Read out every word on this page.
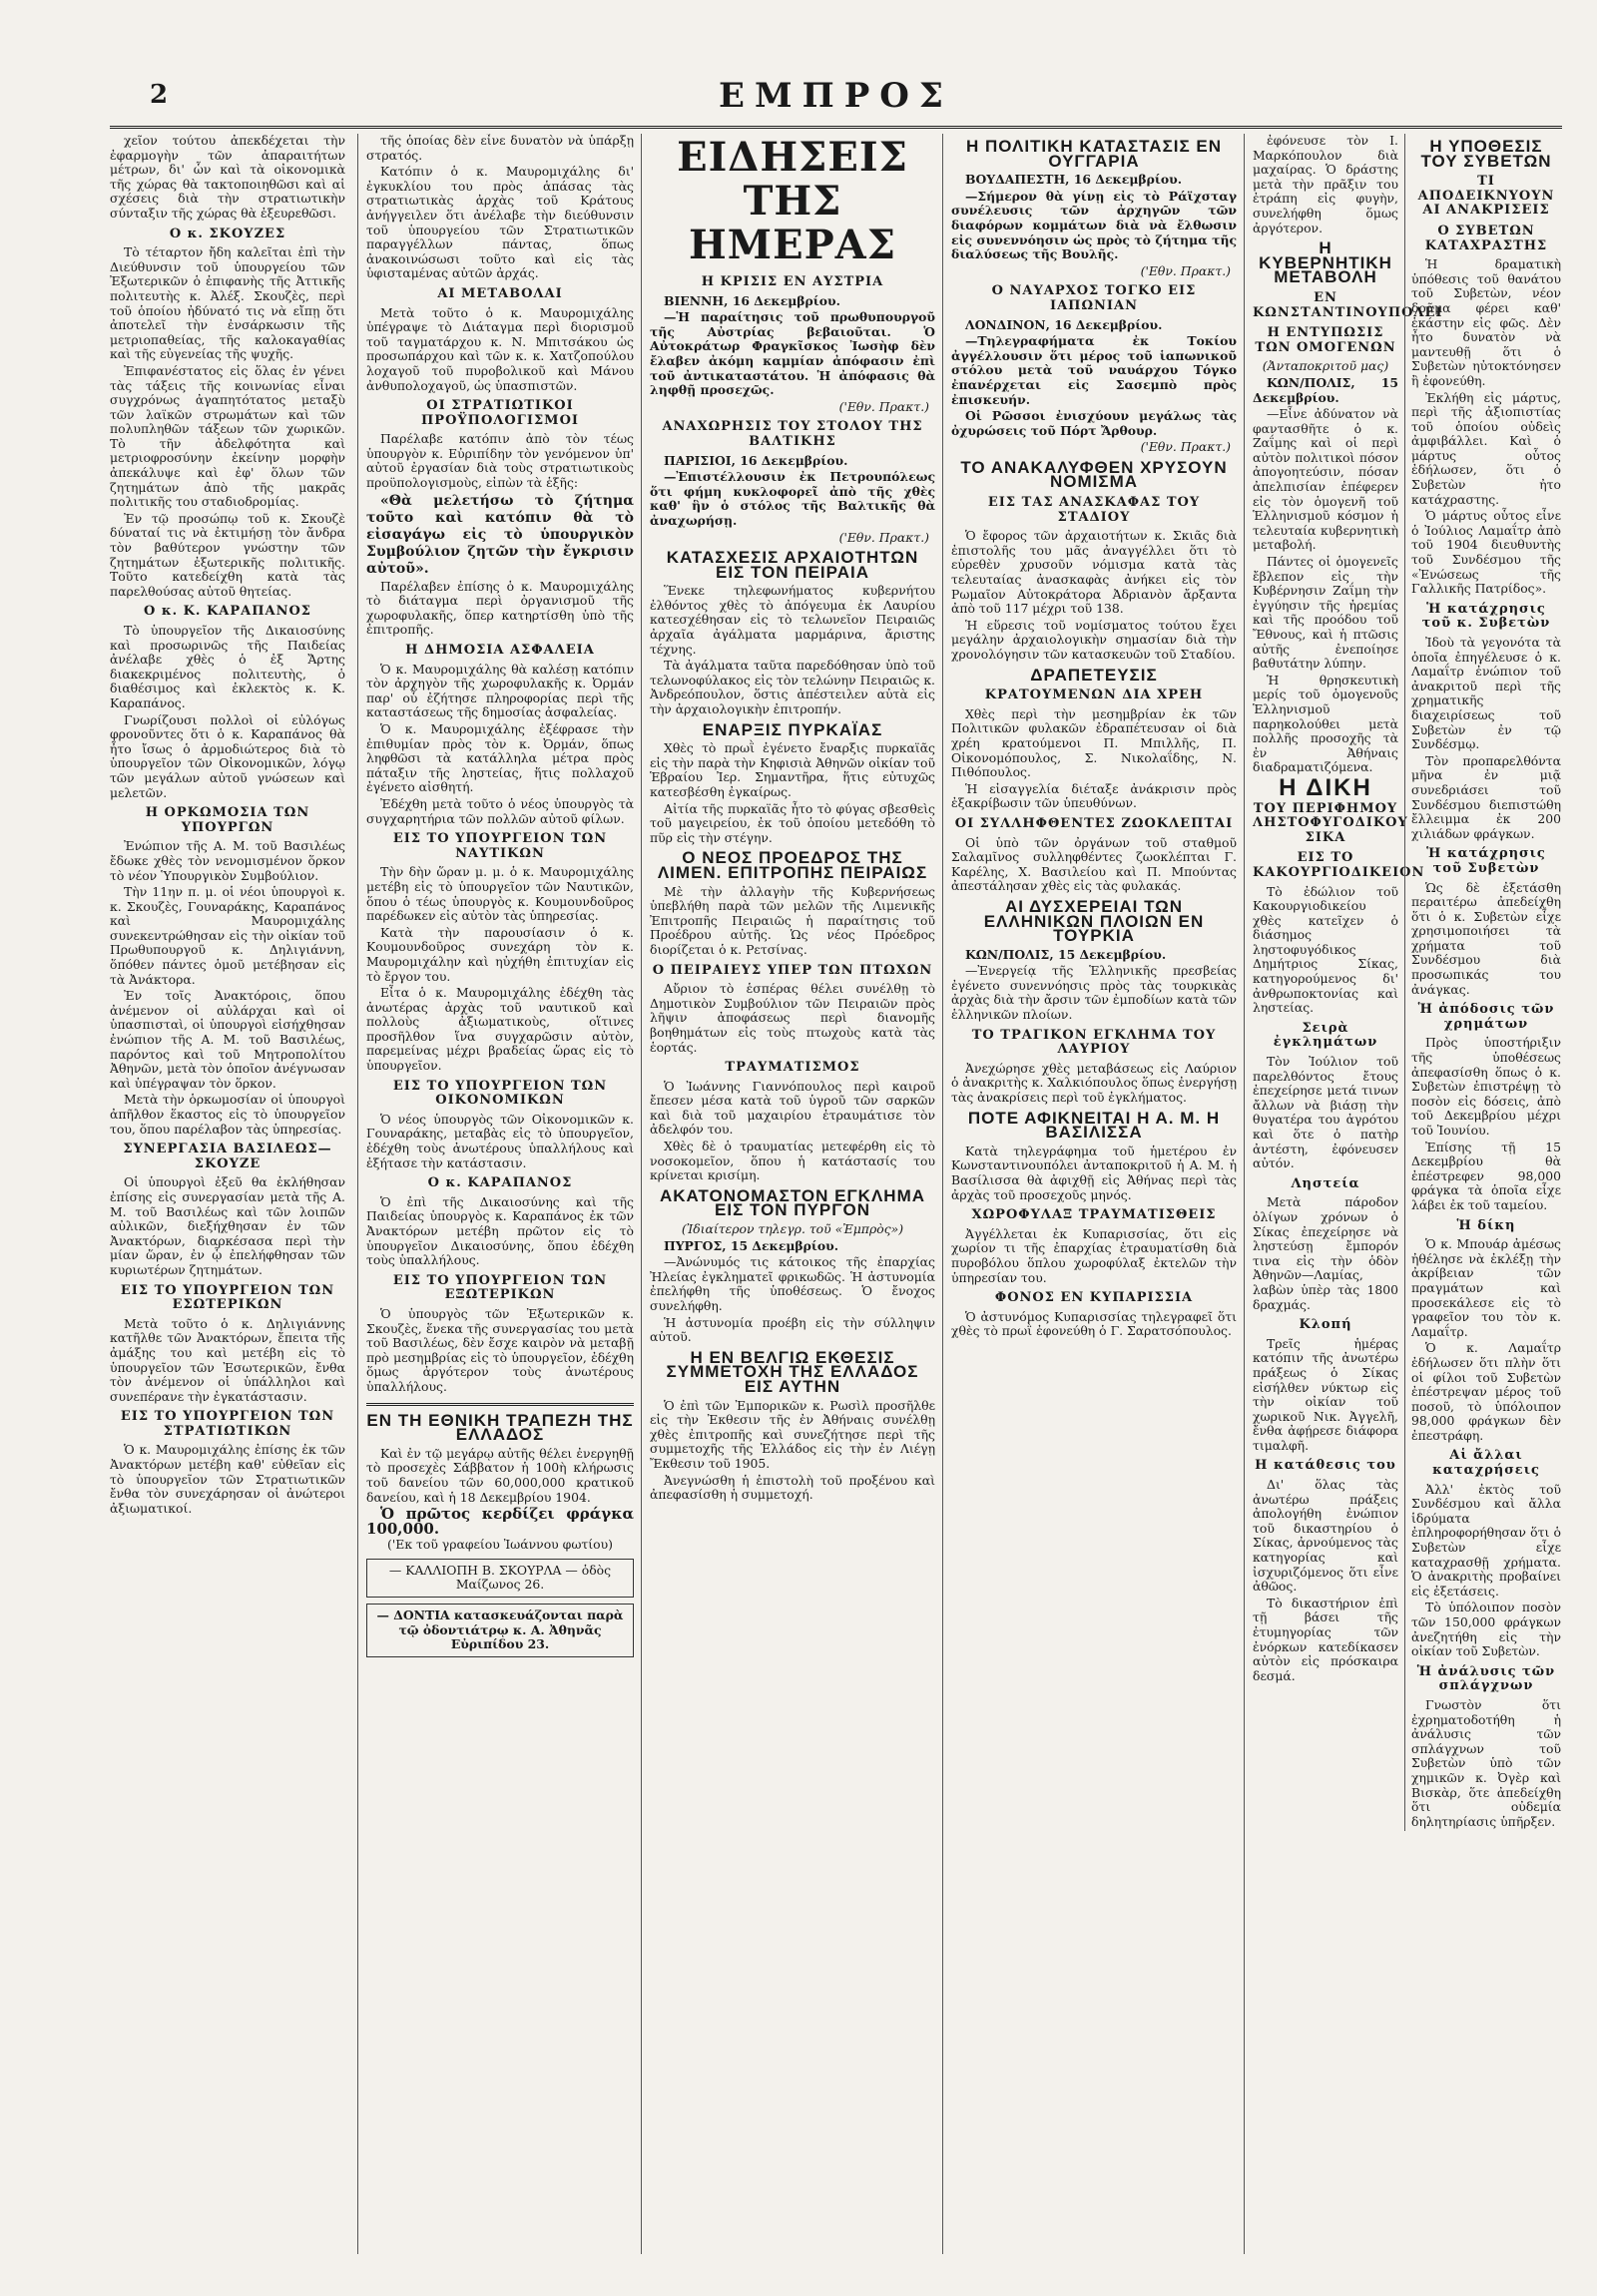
2	ΕΜΠΡΟΣ

χεῖον τούτου ἀπεκδέχεται τὴν ἐφαρμογὴν τῶν ἀπαραιτήτων μέτρων, δι' ὧν καὶ τὰ οἰκονομικὰ τῆς χώρας θὰ τακτοποιηθῶσι καὶ αἱ σχέσεις διὰ τὴν στρατιωτικὴν σύνταξιν τῆς χώρας θὰ ἐξευρεθῶσι.

Ο κ. ΣΚΟΥΖΕΣ

Τὸ τέταρτον ἤδη καλεῖται ἐπὶ τὴν Διεύθυνσιν τοῦ ὑπουργείου τῶν Ἐξωτερικῶν ὁ ἐπιφανὴς τῆς Ἀττικῆς πολιτευτὴς κ. Ἀλέξ. Σκουζὲς, περὶ τοῦ ὁποίου ἠδύνατό τις νὰ εἴπῃ ὅτι ἀποτελεῖ τὴν ἐνσάρκωσιν τῆς μετριοπαθείας, τῆς καλοκαγαθίας καὶ τῆς εὐγενείας τῆς ψυχῆς.

Ἐπιφανέστατος εἰς ὅλας ἐν γένει τὰς τάξεις τῆς κοινωνίας εἶναι συγχρόνως ἀγαπητότατος μεταξὺ τῶν λαϊκῶν στρωμάτων καὶ τῶν πολυπληθῶν τάξεων τῶν χωρικῶν. Τὸ τῆν ἀδελφότητα καὶ μετριοφροσύνην ἐκείνην μορφὴν ἀπεκάλυψε καὶ ἐφ' ὅλων τῶν ζητημάτων ἀπὸ τῆς μακρᾶς πολιτικῆς του σταδιοδρομίας.

Ἐν τῷ προσώπῳ τοῦ κ. Σκουζὲ δύναταί τις νὰ ἐκτιμήσῃ τὸν ἄνδρα τὸν βαθύτερον γνώστην τῶν ζητημάτων ἐξωτερικῆς πολιτικῆς. Τοῦτο κατεδείχθη κατὰ τὰς παρελθούσας αὐτοῦ θητείας.

Ο κ. Κ. ΚΑΡΑΠΑΝΟΣ

Τὸ ὑπουργεῖον τῆς Δικαιοσύνης καὶ προσωρινῶς τῆς Παιδείας ἀνέλαβε χθὲς ὁ ἐξ Ἄρτης διακεκριμένος πολιτευτὴς, ὁ διαθέσιμος καὶ ἐκλεκτὸς κ. Κ. Καραπάνος.

Γνωρίζουσι πολλοὶ οἱ εὐλόγως φρονοῦντες ὅτι ὁ κ. Καραπάνος θὰ ἦτο ἴσως ὁ ἀρμοδιώτερος διὰ τὸ ὑπουργεῖον τῶν Οἰκονομικῶν, λόγῳ τῶν μεγάλων αὐτοῦ γνώσεων καὶ μελετῶν.

Η ΟΡΚΩΜΟΣΙΑ ΤΩΝ ΥΠΟΥΡΓΩΝ

Ἐνώπιον τῆς Α. Μ. τοῦ Βασιλέως ἔδωκε χθὲς τὸν νενομισμένον ὅρκον τὸ νέον Ὑπουργικὸν Συμβούλιον.

Τὴν 11ην π. μ. οἱ νέοι ὑπουργοὶ κ. κ. Σκουζὲς, Γουναράκης, Καραπάνος καὶ Μαυρομιχάλης συνεκεντρώθησαν εἰς τὴν οἰκίαν τοῦ Πρωθυπουργοῦ κ. Δηλιγιάννη, ὅπόθεν πάντες ὁμοῦ μετέβησαν εἰς τὰ Ἀνάκτορα.

Ἐν τοῖς Ἀνακτόροις, ὅπου ἀνέμενον οἱ αὐλάρχαι καὶ οἱ ὑπασπισταὶ, οἱ ὑπουργοὶ εἰσήχθησαν ἐνώπιον τῆς Α. Μ. τοῦ Βασιλέως, παρόντος καὶ τοῦ Μητροπολίτου Ἀθηνῶν, μετὰ τὸν ὁποῖον ἀνέγνωσαν καὶ ὑπέγραψαν τὸν ὅρκον.

Μετὰ τὴν ὁρκωμοσίαν οἱ ὑπουργοὶ ἀπῆλθον ἕκαστος εἰς τὸ ὑπουργεῖον του, ὅπου παρέλαβον τὰς ὑπηρεσίας.

ΣΥΝΕΡΓΑΣΙΑ ΒΑΣΙΛΕΩΣ—ΣΚΟΥΖΕ

Οἱ ὑπουργοὶ ἐξεῦ θα ἐκλήθησαν ἐπίσης εἰς συνεργασίαν μετὰ τῆς Α. Μ. τοῦ Βασιλέως καὶ τῶν λοιπῶν αὐλικῶν, διεξήχθησαν ἐν τῶν Ἀνακτόρων, διαρκέσασα περὶ τὴν μίαν ὥραν, ἐν ᾧ ἐπελήφθησαν τῶν κυριωτέρων ζητημάτων.

ΕΙΣ ΤΟ ΥΠΟΥΡΓΕΙΟΝ ΤΩΝ ΕΣΩΤΕΡΙΚΩΝ

Μετὰ τοῦτο ὁ κ. Δηλιγιάννης κατῆλθε τῶν Ἀνακτόρων, ἔπειτα τῆς ἀμάξης του καὶ μετέβη εἰς τὸ ὑπουργεῖον τῶν Ἐσωτερικῶν, ἔνθα τὸν ἀνέμενον οἱ ὑπάλληλοι καὶ συνεπέρανε τὴν ἐγκατάστασιν.

ΕΙΣ ΤΟ ΥΠΟΥΡΓΕΙΟΝ ΤΩΝ ΣΤΡΑΤΙΩΤΙΚΩΝ

Ὁ κ. Μαυρομιχάλης ἐπίσης ἐκ τῶν Ἀνακτόρων μετέβη καθ' εὐθεῖαν εἰς τὸ ὑπουργεῖον τῶν Στρατιωτικῶν ἔνθα τὸν συνεχάρησαν οἱ ἀνώτεροι ἀξιωματικοί.

τῆς ὁποίας δὲν εἶνε δυνατὸν νὰ ὑπάρξῃ στρατός.

Κατόπιν ὁ κ. Μαυρομιχάλης δι' ἐγκυκλίου του πρὸς ἁπάσας τὰς στρατιωτικὰς ἀρχὰς τοῦ Κράτους ἀνήγγειλεν ὅτι ἀνέλαβε τὴν διεύθυνσιν τοῦ ὑπουργείου τῶν Στρατιωτικῶν παραγγέλλων πάντας, ὅπως ἀνακοινώσωσι τοῦτο καὶ εἰς τὰς ὑφισταμένας αὐτῶν ἀρχάς.

ΑΙ ΜΕΤΑΒΟΛΑΙ

Μετὰ τοῦτο ὁ κ. Μαυρομιχάλης ὑπέγραψε τὸ Διάταγμα περὶ διορισμοῦ τοῦ ταγματάρχου κ. Ν. Μπιτσάκου ὡς προσωπάρχου καὶ τῶν κ. κ. Χατζοπούλου λοχαγοῦ τοῦ πυροβολικοῦ καὶ Μάνου ἀνθυπολοχαγοῦ, ὡς ὑπασπιστῶν.

ΟΙ ΣΤΡΑΤΙΩΤΙΚΟΙ ΠΡΟΫΠΟΛΟΓΙΣΜΟΙ

Παρέλαβε κατόπιν ἀπὸ τὸν τέως ὑπουργὸν κ. Εὐριπίδην τὸν γενόμενον ὑπ' αὐτοῦ ἐργασίαν διὰ τοὺς στρατιωτικοὺς προϋπολογισμοὺς, εἰπὼν τὰ ἑξῆς:

«Θὰ μελετήσω τὸ ζήτημα τοῦτο καὶ κατόπιν θὰ τὸ εἰσαγάγω εἰς τὸ ὑπουργικὸν Συμβούλιον ζητῶν τὴν ἔγκρισιν αὐτοῦ».

Παρέλαβεν ἐπίσης ὁ κ. Μαυρομιχάλης τὸ διάταγμα περὶ ὀργανισμοῦ τῆς χωροφυλακῆς, ὅπερ κατηρτίσθη ὑπὸ τῆς ἐπιτροπῆς.

Η ΔΗΜΟΣΙΑ ΑΣΦΑΛΕΙΑ

Ὁ κ. Μαυρομιχάλης θὰ καλέσῃ κατόπιν τὸν ἀρχηγὸν τῆς χωροφυλακῆς κ. Ὀρμάν παρ' οὗ ἐζήτησε πληροφορίας περὶ τῆς καταστάσεως τῆς δημοσίας ἀσφαλείας.

Ὁ κ. Μαυρομιχάλης ἐξέφρασε τὴν ἐπιθυμίαν πρὸς τὸν κ. Ὀρμάν, ὅπως ληφθῶσι τὰ κατάλληλα μέτρα πρὸς πάταξιν τῆς ληστείας, ἥτις πολλαχοῦ ἐγένετο αἰσθητή.

Ἐδέχθη μετὰ τοῦτο ὁ νέος ὑπουργὸς τὰ συγχαρητήρια τῶν πολλῶν αὐτοῦ φίλων.

ΕΙΣ ΤΟ ΥΠΟΥΡΓΕΙΟΝ ΤΩΝ ΝΑΥΤΙΚΩΝ

Τὴν δὴν ὥραν μ. μ. ὁ κ. Μαυρομιχάλης μετέβη εἰς τὸ ὑπουργεῖον τῶν Ναυτικῶν, ὅπου ὁ τέως ὑπουργὸς κ. Κουμουνδοῦρος παρέδωκεν εἰς αὐτὸν τὰς ὑπηρεσίας.

Κατὰ τὴν παρουσίασιν ὁ κ. Κουμουνδοῦρος συνεχάρη τὸν κ. Μαυρομιχάλην καὶ ηὐχήθη ἐπιτυχίαν εἰς τὸ ἔργον του.

Εἶτα ὁ κ. Μαυρομιχάλης ἐδέχθη τὰς ἀνωτέρας ἀρχὰς τοῦ ναυτικοῦ καὶ πολλοὺς ἀξιωματικοὺς, οἵτινες προσῆλθον ἵνα συγχαρῶσιν αὐτὸν, παρεμείνας μέχρι βραδείας ὥρας εἰς τὸ ὑπουργεῖον.

ΕΙΣ ΤΟ ΥΠΟΥΡΓΕΙΟΝ ΤΩΝ ΟΙΚΟΝΟΜΙΚΩΝ

Ὁ νέος ὑπουργὸς τῶν Οἰκονομικῶν κ. Γουναράκης, μεταβὰς εἰς τὸ ὑπουργεῖον, ἐδέχθη τοὺς ἀνωτέρους ὑπαλλήλους καὶ ἐξήτασε τὴν κατάστασιν.

Ο κ. ΚΑΡΑΠΑΝΟΣ

Ὁ ἐπὶ τῆς Δικαιοσύνης καὶ τῆς Παιδείας ὑπουργὸς κ. Καραπάνος ἐκ τῶν Ἀνακτόρων μετέβη πρῶτον εἰς τὸ ὑπουργεῖον Δικαιοσύνης, ὅπου ἐδέχθη τοὺς ὑπαλλήλους.

ΕΙΣ ΤΟ ΥΠΟΥΡΓΕΙΟΝ ΤΩΝ ΕΞΩΤΕΡΙΚΩΝ

Ὁ ὑπουργὸς τῶν Ἐξωτερικῶν κ. Σκουζὲς, ἕνεκα τῆς συνεργασίας του μετὰ τοῦ Βασιλέως, δὲν ἔσχε καιρὸν νὰ μεταβῇ πρὸ μεσημβρίας εἰς τὸ ὑπουργεῖον, ἐδέχθη ὅμως ἀργότερον τοὺς ἀνωτέρους ὑπαλλήλους.

ΕΝ ΤΗ ΕΘΝΙΚΗ ΤΡΑΠΕΖΗ ΤΗΣ ΕΛΛΑΔΟΣ

Καὶ ἐν τῷ μεγάρῳ αὐτῆς θέλει ἐνεργηθῇ τὸ προσεχὲς Σάββατον ἡ 100ὴ κλήρωσις τοῦ δανείου τῶν 60,000,000 κρατικοῦ δανείου, καὶ ἡ 18 Δεκεμβρίου 1904.

Ὁ πρῶτος κερδίζει φράγκα 100,000.

('Εκ τοῦ γραφείου Ἰωάννου φωτίου)

— ΚΑΛΛΙΟΠΗ Β. ΣΚΟΥΡΛΑ — ὁδὸς Μαίζωνος 26.
— ΔΟΝΤΙΑ κατασκευάζονται παρὰ τῷ ὀδοντιάτρῳ κ. Α. Ἀθηνᾶς Εὐριπίδου 23.
ΕΙΔΗΣΕΙΣ ΤΗΣ ΗΜΕΡΑΣ
Η ΚΡΙΣΙΣ ΕΝ ΑΥΣΤΡΙΑ

ΒΙΕΝΝΗ, 16 Δεκεμβρίου.

—Ἡ παραίτησις τοῦ πρωθυπουργοῦ τῆς Αὐστρίας βεβαιοῦται. Ὁ Αὐτοκράτωρ Φραγκῖσκος Ἰωσὴφ δὲν ἔλαβεν ἀκόμη καμμίαν ἀπόφασιν ἐπὶ τοῦ ἀντικαταστάτου. Ἡ ἀπόφασις θὰ ληφθῇ προσεχῶς.

('Εθν. Πρακτ.)

ΑΝΑΧΩΡΗΣΙΣ ΤΟΥ ΣΤΟΛΟΥ ΤΗΣ ΒΑΛΤΙΚΗΣ

ΠΑΡΙΣΙΟΙ, 16 Δεκεμβρίου.

—Ἐπιστέλλουσιν ἐκ Πετρουπόλεως ὅτι φήμη κυκλοφορεῖ ἀπὸ τῆς χθὲς καθ' ἣν ὁ στόλος τῆς Βαλτικῆς θὰ ἀναχωρήσῃ.

('Εθν. Πρακτ.)

ΚΑΤΑΣΧΕΣΙΣ ΑΡΧΑΙΟΤΗΤΩΝ ΕΙΣ ΤΟΝ ΠΕΙΡΑΙΑ

Ἕνεκε τηλεφωνήματος κυβερνήτου ἐλθόντος χθὲς τὸ ἀπόγευμα ἐκ Λαυρίου κατεσχέθησαν εἰς τὸ τελωνεῖον Πειραιῶς ἀρχαῖα ἀγάλματα μαρμάρινα, ἄριστης τέχνης.

Τὰ ἀγάλματα ταῦτα παρεδόθησαν ὑπὸ τοῦ τελωνοφύλακος εἰς τὸν τελώνην Πειραιῶς κ. Ἀνδρεόπουλον, ὅστις ἀπέστειλεν αὐτὰ εἰς τὴν ἀρχαιολογικὴν ἐπιτροπήν.

ΕΝΑΡΞΙΣ ΠΥΡΚΑΪΑΣ

Χθὲς τὸ πρωῒ ἐγένετο ἔναρξις πυρκαϊᾶς εἰς τὴν παρὰ τὴν Κηφισιὰ Ἀθηνῶν οἰκίαν τοῦ Ἑβραίου Ἰερ. Σημαντῆρα, ἥτις εὐτυχῶς κατεσβέσθη ἐγκαίρως.

Αἰτία τῆς πυρκαϊᾶς ἦτο τὸ φύγας σβεσθεὶς τοῦ μαγειρείου, ἐκ τοῦ ὁποίου μετεδόθη τὸ πῦρ εἰς τὴν στέγην.

Ο ΝΕΟΣ ΠΡΟΕΔΡΟΣ ΤΗΣ ΛΙΜΕΝ. ΕΠΙΤΡΟΠΗΣ ΠΕΙΡΑΙΩΣ

Μὲ τὴν ἀλλαγὴν τῆς Κυβερνήσεως ὑπεβλήθη παρὰ τῶν μελῶν τῆς Λιμενικῆς Ἐπιτροπῆς Πειραιῶς ἡ παραίτησις τοῦ Προέδρου αὐτῆς. Ὡς νέος Πρόεδρος διορίζεται ὁ κ. Ρετσίνας.

Ο ΠΕΙΡΑΙΕΥΣ ΥΠΕΡ ΤΩΝ ΠΤΩΧΩΝ

Αὔριον τὸ ἑσπέρας θέλει συνέλθῃ τὸ Δημοτικὸν Συμβούλιον τῶν Πειραιῶν πρὸς λῆψιν ἀποφάσεως περὶ διανομῆς βοηθημάτων εἰς τοὺς πτωχοὺς κατὰ τὰς ἑορτάς.

ΤΡΑΥΜΑΤΙΣΜΟΣ

Ὁ Ἰωάννης Γιαννόπουλος περὶ καιροῦ ἔπεσεν μέσα κατὰ τοῦ ὑγροῦ τῶν σαρκῶν καὶ διὰ τοῦ μαχαιρίου ἐτραυμάτισε τὸν ἀδελφόν του.

Χθὲς δὲ ὁ τραυματίας μετεφέρθη εἰς τὸ νοσοκομεῖον, ὅπου ἡ κατάστασίς του κρίνεται κρισίμη.

ΑΚΑΤΟΝΟΜΑΣΤΟΝ ΕΓΚΛΗΜΑ ΕΙΣ ΤΟΝ ΠΥΡΓΟΝ

(Ἰδιαίτερον τηλεγρ. τοῦ «Ἐμπρὸς»)

ΠΥΡΓΟΣ, 15 Δεκεμβρίου.

—Ἀνώνυμός τις κάτοικος τῆς ἐπαρχίας Ἠλείας ἐγκληματεῖ φρικωδῶς. Ἡ ἀστυνομία ἐπελήφθη τῆς ὑποθέσεως. Ὁ ἔνοχος συνελήφθη.

Ἡ ἀστυνομία προέβη εἰς τὴν σύλληψιν αὐτοῦ.

Η ΕΝ ΒΕΛΓΙΩ ΕΚΘΕΣΙΣ ΣΥΜΜΕΤΟΧΗ ΤΗΣ ΕΛΛΑΔΟΣ ΕΙΣ ΑΥΤΗΝ

Ὁ ἐπὶ τῶν Ἐμπορικῶν κ. Ρωσὶλ προσῆλθε εἰς τὴν Ἐκθεσιν τῆς ἐν Ἀθήναις συνέλθῃ χθὲς ἐπιτροπῆς καὶ συνεζήτησε περὶ τῆς συμμετοχῆς τῆς Ἑλλάδος εἰς τὴν ἐν Λιέγῃ Ἔκθεσιν τοῦ 1905.

Ἀνεγνώσθη ἡ ἐπιστολὴ τοῦ προξένου καὶ ἀπεφασίσθη ἡ συμμετοχή.

Η ΠΟΛΙΤΙΚΗ ΚΑΤΑΣΤΑΣΙΣ ΕΝ ΟΥΓΓΑΡΙΑ

ΒΟΥΔΑΠΕΣΤΗ, 16 Δεκεμβρίου.

—Σήμερον θὰ γίνῃ εἰς τὸ Ράϊχσταγ συνέλευσις τῶν ἀρχηγῶν τῶν διαφόρων κομμάτων διὰ νὰ ἔλθωσιν εἰς συνεννόησιν ὡς πρὸς τὸ ζήτημα τῆς διαλύσεως τῆς Βουλῆς.

('Εθν. Πρακτ.)

Ο ΝΑΥΑΡΧΟΣ ΤΟΓΚΟ ΕΙΣ ΙΑΠΩΝΙΑΝ

ΛΟΝΔΙΝΟΝ, 16 Δεκεμβρίου.

—Τηλεγραφήματα ἐκ Τοκίου ἀγγέλλουσιν ὅτι μέρος τοῦ ἱαπωνικοῦ στόλου μετὰ τοῦ ναυάρχου Τόγκο ἐπανέρχεται εἰς Σασεμπὸ πρὸς ἐπισκευήν.

Οἱ Ρῶσσοι ἐνισχύουν μεγάλως τὰς ὀχυρώσεις τοῦ Πόρτ Ἄρθουρ.

('Εθν. Πρακτ.)

ΤΟ ΑΝΑΚΑΛΥΦΘΕΝ ΧΡΥΣΟΥΝ ΝΟΜΙΣΜΑ
ΕΙΣ ΤΑΣ ΑΝΑΣΚΑΦΑΣ ΤΟΥ ΣΤΑΔΙΟΥ

Ὁ ἔφορος τῶν ἀρχαιοτήτων κ. Σκιᾶς διὰ ἐπιστολῆς του μᾶς ἀναγγέλλει ὅτι τὸ εὑρεθὲν χρυσοῦν νόμισμα κατὰ τὰς τελευταίας ἀνασκαφὰς ἀνήκει εἰς τὸν Ρωμαῖον Αὐτοκράτορα Ἀδριανὸν ἄρξαντα ἀπὸ τοῦ 117 μέχρι τοῦ 138.

Ἡ εὕρεσις τοῦ νομίσματος τούτου ἔχει μεγάλην ἀρχαιολογικὴν σημασίαν διὰ τὴν χρονολόγησιν τῶν κατασκευῶν τοῦ Σταδίου.

ΔΡΑΠΕΤΕΥΣΙΣ
ΚΡΑΤΟΥΜΕΝΩΝ ΔΙΑ ΧΡΕΗ

Χθὲς περὶ τὴν μεσημβρίαν ἐκ τῶν Πολιτικῶν φυλακῶν ἐδραπέτευσαν οἱ διὰ χρέη κρατούμενοι Π. Μπιλλῆς, Π. Οἰκονομόπουλος, Σ. Νικολαΐδης, Ν. Πιθόπουλος.

Ἡ εἰσαγγελία διέταξε ἀνάκρισιν πρὸς ἐξακρίβωσιν τῶν ὑπευθύνων.

ΟΙ ΣΥΛΛΗΦΘΕΝΤΕΣ ΖΩΟΚΛΕΠΤΑΙ

Οἱ ὑπὸ τῶν ὀργάνων τοῦ σταθμοῦ Σαλαμῖνος συλληφθέντες ζωοκλέπται Γ. Καρέλης, Χ. Βασιλείου καὶ Π. Μπούντας ἀπεστάλησαν χθὲς εἰς τὰς φυλακάς.

ΑΙ ΔΥΣΧΕΡΕΙΑΙ ΤΩΝ ΕΛΛΗΝΙΚΩΝ ΠΛΟΙΩΝ ΕΝ ΤΟΥΡΚΙΑ

ΚΩΝ/ΠΟΛΙΣ, 15 Δεκεμβρίου.

—Ἐνεργείᾳ τῆς Ἑλληνικῆς πρεσβείας ἐγένετο συνεννόησις πρὸς τὰς τουρκικὰς ἀρχὰς διὰ τὴν ἄρσιν τῶν ἐμποδίων κατὰ τῶν ἑλληνικῶν πλοίων.

ΤΟ ΤΡΑΓΙΚΟΝ ΕΓΚΛΗΜΑ ΤΟΥ ΛΑΥΡΙΟΥ

Ἀνεχώρησε χθὲς μεταβάσεως εἰς Λαύριον ὁ ἀνακριτὴς κ. Χαλκιόπουλος ὅπως ἐνεργήσῃ τὰς ἀνακρίσεις περὶ τοῦ ἐγκλήματος.

ΠΟΤΕ ΑΦΙΚΝΕΙΤΑΙ Η Α. Μ. Η ΒΑΣΙΛΙΣΣΑ

Κατὰ τηλεγράφημα τοῦ ἡμετέρου ἐν Κωνσταντινουπόλει ἀνταποκριτοῦ ἡ Α. Μ. ἡ Βασίλισσα θὰ ἀφιχθῇ εἰς Ἀθήνας περὶ τὰς ἀρχὰς τοῦ προσεχοῦς μηνός.

ΧΩΡΟΦΥΛΑΞ ΤΡΑΥΜΑΤΙΣΘΕΙΣ

Ἀγγέλλεται ἐκ Κυπαρισσίας, ὅτι εἰς χωρίον τι τῆς ἐπαρχίας ἐτραυματίσθη διὰ πυροβόλου ὅπλου χωροφύλαξ ἐκτελῶν τὴν ὑπηρεσίαν του.

ΦΟΝΟΣ ΕΝ ΚΥΠΑΡΙΣΣΙΑ

Ὁ ἀστυνόμος Κυπαρισσίας τηλεγραφεῖ ὅτι χθὲς τὸ πρωῒ ἐφονεύθη ὁ Γ. Σαρατσόπουλος.

ἐφόνευσε τὸν Ι. Μαρκόπουλον διὰ μαχαίρας. Ὁ δράστης μετὰ τὴν πρᾶξιν του ἐτράπη εἰς φυγὴν, συνελήφθη ὅμως ἀργότερον.

Η ΚΥΒΕΡΝΗΤΙΚΗ ΜΕΤΑΒΟΛΗ
ΕΝ ΚΩΝΣΤΑΝΤΙΝΟΥΠΟΛΕΙ
Η ΕΝΤΥΠΩΣΙΣ ΤΩΝ ΟΜΟΓΕΝΩΝ

(Ἀνταποκριτοῦ μας)

ΚΩΝ/ΠΟΛΙΣ, 15 Δεκεμβρίου.

—Εἶνε ἀδύνατον νὰ φαντασθῆτε ὁ κ. Ζαΐμης καὶ οἱ περὶ αὐτὸν πολιτικοὶ πόσον ἀπογοητεύσιν, πόσαν ἀπελπισίαν ἐπέφερεν εἰς τὸν ὁμογενῆ τοῦ Ἑλληνισμοῦ κόσμον ἡ τελευταία κυβερνητικὴ μεταβολή.

Πάντες οἱ ὁμογενεῖς ἔβλεπον εἰς τὴν Κυβέρνησιν Ζαΐμη τὴν ἐγγύησιν τῆς ἠρεμίας καὶ τῆς προόδου τοῦ Ἔθνους, καὶ ἡ πτῶσις αὐτῆς ἐνεποίησε βαθυτάτην λύπην.

Ἡ θρησκευτικὴ μερίς τοῦ ὁμογενοῦς Ἑλληνισμοῦ παρηκολούθει μετὰ πολλῆς προσοχῆς τὰ ἐν Ἀθήναις διαδραματιζόμενα.

Η ΔΙΚΗ
ΤΟΥ ΠΕΡΙΦΗΜΟΥ ΛΗΣΤΟΦΥΓΟΔΙΚΟΥ ΣΙΚΑ
ΕΙΣ ΤΟ ΚΑΚΟΥΡΓΙΟΔΙΚΕΙΟΝ

Τὸ ἐδώλιον τοῦ Κακουργιοδικείου χθὲς κατεῖχεν ὁ διάσημος ληστοφυγόδικος Δημήτριος Σίκας, κατηγορούμενος δι' ἀνθρωποκτονίας καὶ ληστείας.

Σειρὰ ἐγκλημάτων

Τὸν Ἰούλιον τοῦ παρελθόντος ἔτους ἐπεχείρησε μετά τινων ἄλλων νὰ βιάσῃ τὴν θυγατέρα του ἀγρότου καὶ ὅτε ὁ πατὴρ ἀντέστη, ἐφόνευσεν αὐτόν.

Ληστεία

Μετὰ πάροδον ὀλίγων χρόνων ὁ Σίκας ἐπεχείρησε νὰ ληστεύσῃ ἔμπορόν τινα εἰς τὴν ὁδὸν Ἀθηνῶν—Λαμίας, λαβὼν ὑπὲρ τὰς 1800 δραχμάς.

Κλοπή

Τρεῖς ἡμέρας κατόπιν τῆς ἀνωτέρω πράξεως ὁ Σίκας εἰσήλθεν νύκτωρ εἰς τὴν οἰκίαν τοῦ χωρικοῦ Νικ. Ἀγγελῆ, ἔνθα ἀφῄρεσε διάφορα τιμαλφῆ.

Η κατάθεσις του

Δι' ὅλας τὰς ἀνωτέρω πράξεις ἀπολογήθη ἐνώπιον τοῦ δικαστηρίου ὁ Σίκας, ἀρνούμενος τὰς κατηγορίας καὶ ἰσχυριζόμενος ὅτι εἶνε ἀθῶος.

Τὸ δικαστήριον ἐπὶ τῇ βάσει τῆς ἐτυμηγορίας τῶν ἐνόρκων κατεδίκασεν αὐτὸν εἰς πρόσκαιρα δεσμά.

Η ΥΠΟΘΕΣΙΣ ΤΟΥ ΣΥΒΕΤΩΝ
ΤΙ ΑΠΟΔΕΙΚΝΥΟΥΝ ΑΙ ΑΝΑΚΡΙΣΕΙΣ
Ο ΣΥΒΕΤΩΝ ΚΑΤΑΧΡΑΣΤΗΣ

Ἡ δραματικὴ ὑπόθεσις τοῦ θανάτου τοῦ Συβετὼν, νέον δρᾶμα φέρει καθ' ἑκάστην εἰς φῶς. Δὲν ἦτο δυνατὸν νὰ μαντευθῇ ὅτι ὁ Συβετὼν ηὐτοκτόνησεν ἢ ἐφονεύθη.

Ἐκλήθη εἰς μάρτυς, περὶ τῆς ἀξιοπιστίας τοῦ ὁποίου οὐδεὶς ἀμφιβάλλει. Καὶ ὁ μάρτυς οὗτος ἐδήλωσεν, ὅτι ὁ Συβετὼν ἠτο κατάχραστης.

Ὁ μάρτυς οὗτος εἶνε ὁ Ἰούλιος Λαμαΐτρ ἀπὸ τοῦ 1904 διευθυντὴς τοῦ Συνδέσμου τῆς «Ἐνώσεως τῆς Γαλλικῆς Πατρίδος».

Ἡ κατάχρησις τοῦ κ. Συβετὼν

Ἰδοὺ τὰ γεγονότα τὰ ὁποῖα ἐπηγέλευσε ὁ κ. Λαμαΐτρ ἐνώπιον τοῦ ἀνακριτοῦ περὶ τῆς χρηματικῆς διαχειρίσεως τοῦ Συβετὼν ἐν τῷ Συνδέσμῳ.

Τὸν προπαρελθόντα μῆνα ἐν μιᾷ συνεδριάσει τοῦ Συνδέσμου διεπιστώθη ἔλλειμμα ἐκ 200 χιλιάδων φράγκων.

Ἡ κατάχρησις τοῦ Συβετὼν

Ὡς δὲ ἐξετάσθη περαιτέρω ἀπεδείχθη ὅτι ὁ κ. Συβετὼν εἶχε χρησιμοποιήσει τὰ χρήματα τοῦ Συνδέσμου διὰ προσωπικάς του ἀνάγκας.

Ἡ ἀπόδοσις τῶν χρημάτων

Πρὸς ὑποστήριξιν τῆς ὑποθέσεως ἀπεφασίσθη ὅπως ὁ κ. Συβετὼν ἐπιστρέψῃ τὸ ποσὸν εἰς δόσεις, ἀπὸ τοῦ Δεκεμβρίου μέχρι τοῦ Ἰουνίου.

Ἐπίσης τῇ 15 Δεκεμβρίου θὰ ἐπέστρεφεν 98,000 φράγκα τὰ ὁποῖα εἶχε λάβει ἐκ τοῦ ταμείου.

Ἡ δίκη

Ὁ κ. Μπουάρ ἀμέσως ἠθέλησε νὰ ἐκλέξῃ τὴν ἀκρίβειαν τῶν πραγμάτων καὶ προσεκάλεσε εἰς τὸ γραφεῖον του τὸν κ. Λαμαΐτρ.

Ὁ κ. Λαμαΐτρ ἐδήλωσεν ὅτι πλὴν ὅτι οἱ φίλοι τοῦ Συβετὼν ἐπέστρεψαν μέρος τοῦ ποσοῦ, τὸ ὑπόλοιπον 98,000 φράγκων δὲν ἐπεστράφη.

Αἱ ἄλλαι καταχρήσεις

Ἀλλ' ἐκτὸς τοῦ Συνδέσμου καὶ ἄλλα ἱδρύματα ἐπληροφορήθησαν ὅτι ὁ Συβετὼν εἶχε καταχρασθῇ χρήματα. Ὁ ἀνακριτὴς προβαίνει εἰς ἐξετάσεις.

Τὸ ὑπόλοιπον ποσὸν τῶν 150,000 φράγκων ἀνεζητήθη εἰς τὴν οἰκίαν τοῦ Συβετὼν.

Ἡ ἀνάλυσις τῶν σπλάγχνων

Γνωστὸν ὅτι ἐχρηματοδοτήθη ἡ ἀνάλυσις τῶν σπλάγχνων τοῦ Συβετὼν ὑπὸ τῶν χημικῶν κ. Ὀγὲρ καὶ Βισκὰρ, ὅτε ἀπεδείχθη ὅτι οὐδεμία δηλητηρίασις ὑπῆρξεν.
